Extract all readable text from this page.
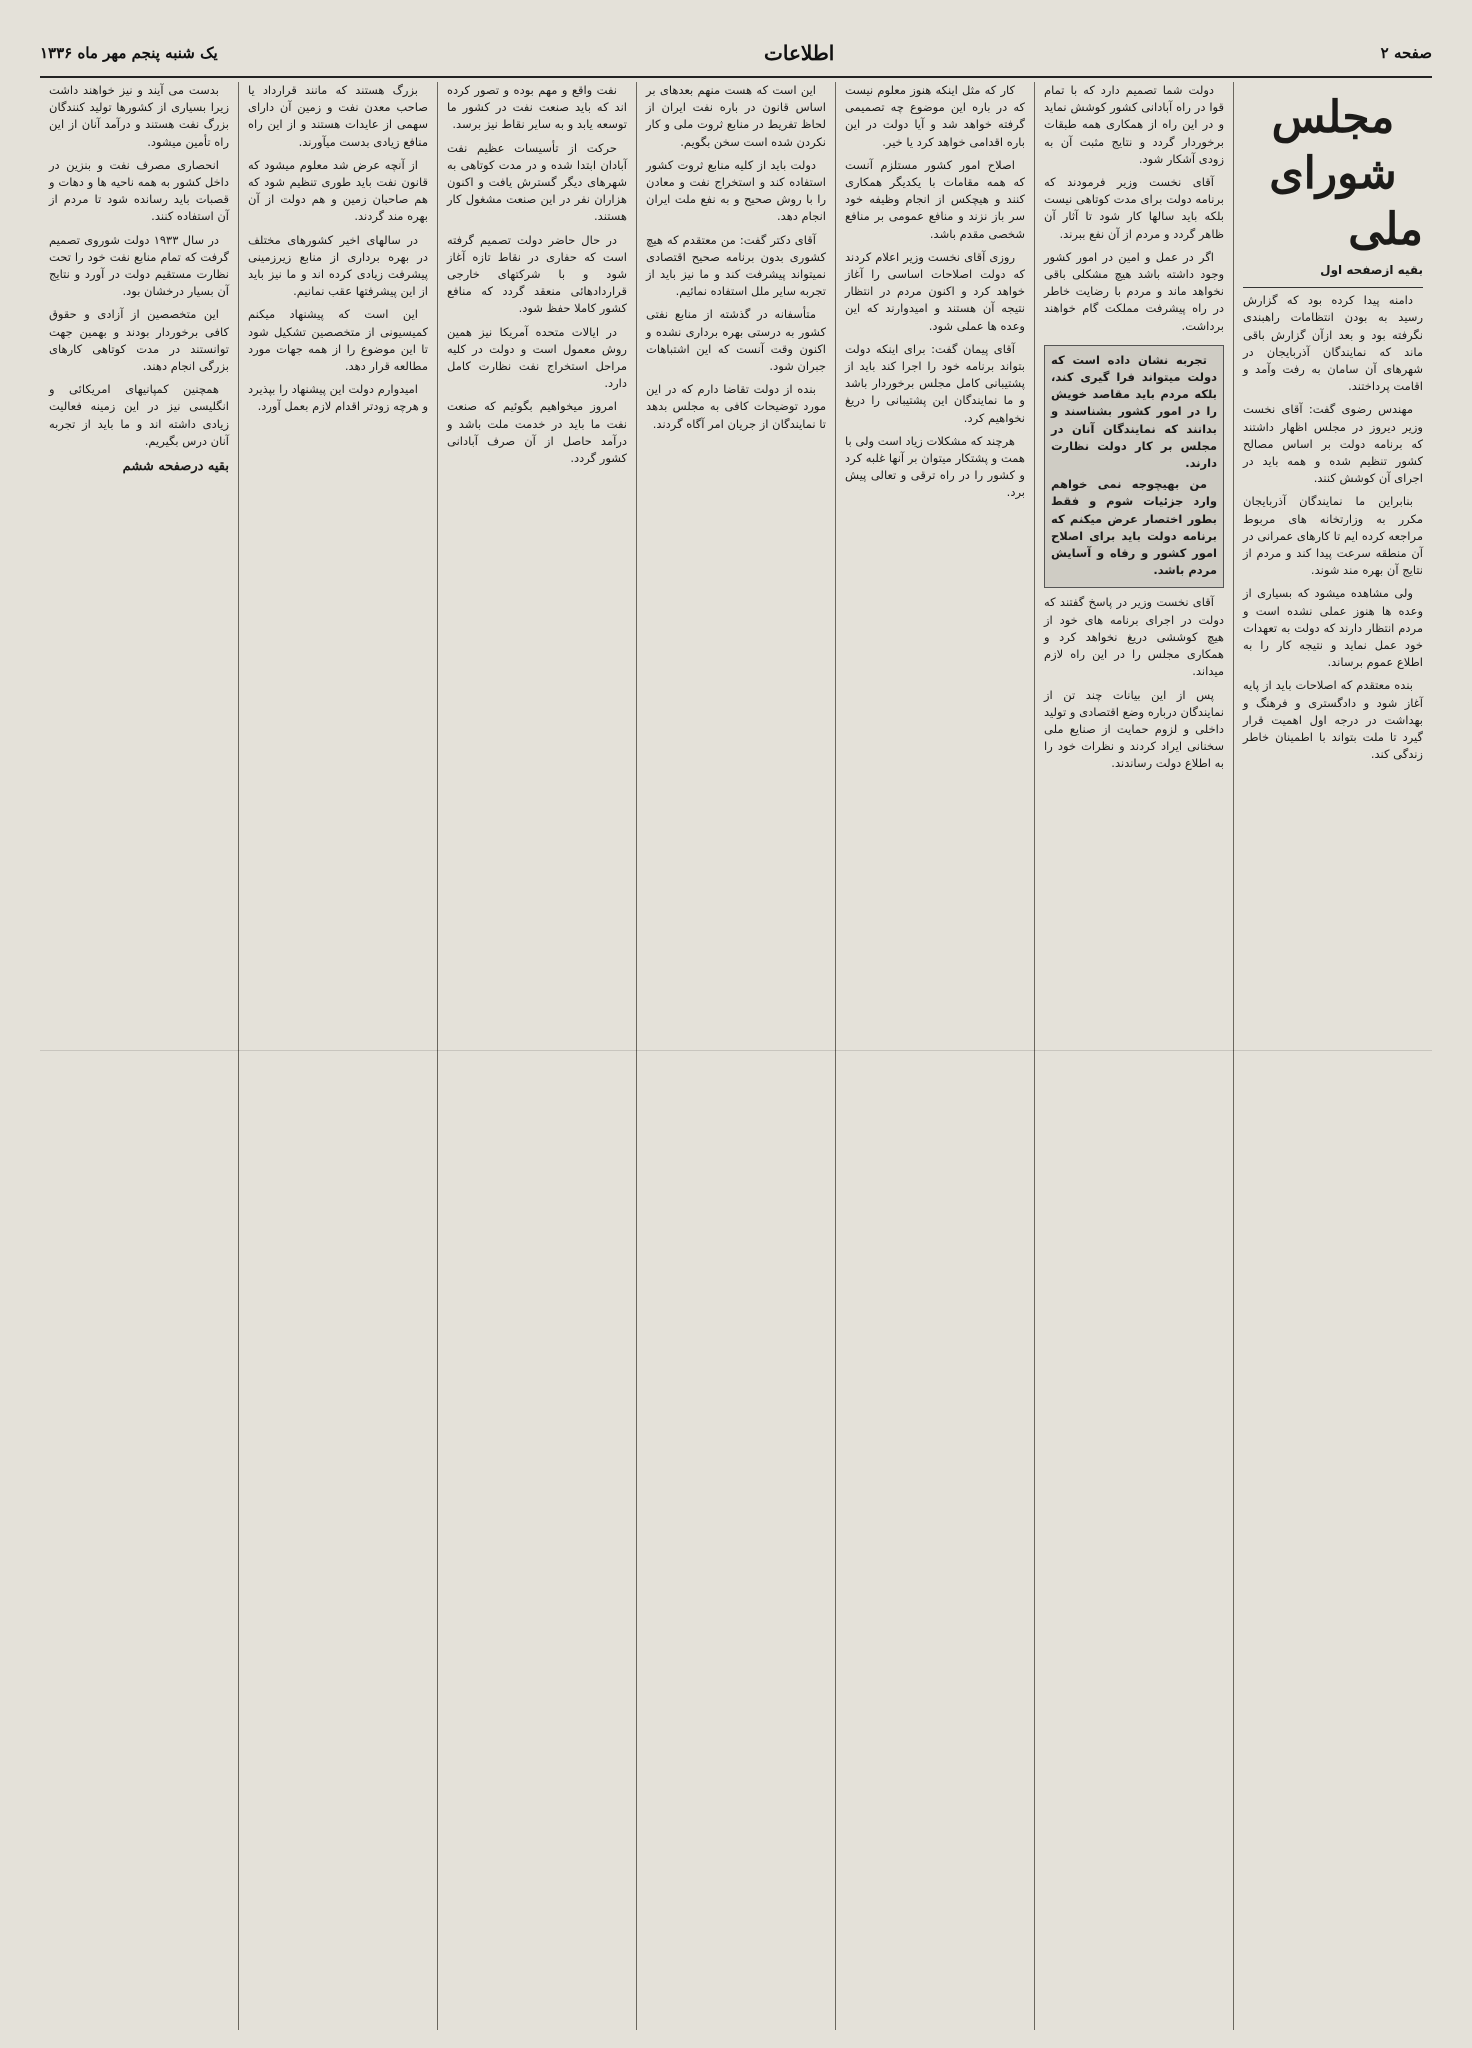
صفحه ۲
اطلاعات
یک شنبه پنجم مهر ماه ۱۳۳۶
مجلس شورای ملی
بقیه ازصفحه اول

دامنه پیدا کرده بود که گزارش رسید به بودن انتظامات راهبندی نگرفته بود و بعد ازآن گزارش باقی ماند که نمایندگان آذربایجان در شهرهای آن سامان به رفت وآمد و اقامت پرداختند.

مهندس رضوی گفت: آقای نخست وزیر دیروز در مجلس اظهار داشتند که برنامه دولت بر اساس مصالح کشور تنظیم شده و همه باید در اجرای آن کوشش کنند.

بنابراین ما نمایندگان آذربایجان مکرر به وزارتخانه های مربوط مراجعه کرده ایم تا کارهای عمرانی در آن منطقه سرعت پیدا کند و مردم از نتایج آن بهره مند شوند.

ولی مشاهده میشود که بسیاری از وعده ها هنوز عملی نشده است و مردم انتظار دارند که دولت به تعهدات خود عمل نماید و نتیجه کار را به اطلاع عموم برساند.

بنده معتقدم که اصلاحات باید از پایه آغاز شود و دادگستری و فرهنگ و بهداشت در درجه اول اهمیت قرار گیرد تا ملت بتواند با اطمینان خاطر زندگی کند.

دولت شما تصمیم دارد که با تمام قوا در راه آبادانی کشور کوشش نماید و در این راه از همکاری همه طبقات برخوردار گردد و نتایج مثبت آن به زودی آشکار شود.

آقای نخست وزیر فرمودند که برنامه دولت برای مدت کوتاهی نیست بلکه باید سالها کار شود تا آثار آن ظاهر گردد و مردم از آن نفع ببرند.

اگر در عمل و امین در امور کشور وجود داشته باشد هیچ مشکلی باقی نخواهد ماند و مردم با رضایت خاطر در راه پیشرفت مملکت گام خواهند برداشت.

تجربه نشان داده است که دولت میتواند فرا گیری کند، بلکه مردم باید مقاصد خویش را در امور کشور بشناسند و بدانند که نمایندگان آنان در مجلس بر کار دولت نظارت دارند.

من بهیچوجه نمی خواهم وارد جزئیات شوم و فقط بطور اختصار عرض میکنم که برنامه دولت باید برای اصلاح امور کشور و رفاه و آسایش مردم باشد.

آقای نخست وزیر در پاسخ گفتند که دولت در اجرای برنامه های خود از هیچ کوششی دریغ نخواهد کرد و همکاری مجلس را در این راه لازم میداند.

پس از این بیانات چند تن از نمایندگان درباره وضع اقتصادی و تولید داخلی و لزوم حمایت از صنایع ملی سخنانی ایراد کردند و نظرات خود را به اطلاع دولت رساندند.

کار که مثل اینکه هنوز معلوم نیست که در باره این موضوع چه تصمیمی گرفته خواهد شد و آیا دولت در این باره اقدامی خواهد کرد یا خیر.

اصلاح امور کشور مستلزم آنست که همه مقامات با یکدیگر همکاری کنند و هیچکس از انجام وظیفه خود سر باز نزند و منافع عمومی بر منافع شخصی مقدم باشد.

روزی آقای نخست وزیر اعلام کردند که دولت اصلاحات اساسی را آغاز خواهد کرد و اکنون مردم در انتظار نتیجه آن هستند و امیدوارند که این وعده ها عملی شود.

آقای پیمان گفت: برای اینکه دولت بتواند برنامه خود را اجرا کند باید از پشتیبانی کامل مجلس برخوردار باشد و ما نمایندگان این پشتیبانی را دریغ نخواهیم کرد.

هرچند که مشکلات زیاد است ولی با همت و پشتکار میتوان بر آنها غلبه کرد و کشور را در راه ترقی و تعالی پیش برد.

این است که هست منهم بعدهای بر اساس قانون در باره نفت ایران از لحاظ تفریط در منابع ثروت ملی و کار نکردن شده است سخن بگویم.

دولت باید از کلیه منابع ثروت کشور استفاده کند و استخراج نفت و معادن را با روش صحیح و به نفع ملت ایران انجام دهد.

آقای دکتر گفت: من معتقدم که هیچ کشوری بدون برنامه صحیح اقتصادی نمیتواند پیشرفت کند و ما نیز باید از تجربه سایر ملل استفاده نمائیم.

متأسفانه در گذشته از منابع نفتی کشور به درستی بهره برداری نشده و اکنون وقت آنست که این اشتباهات جبران شود.

بنده از دولت تقاضا دارم که در این مورد توضیحات کافی به مجلس بدهد تا نمایندگان از جریان امر آگاه گردند.

نفت واقع و مهم بوده و تصور کرده اند که باید صنعت نفت در کشور ما توسعه یابد و به سایر نقاط نیز برسد.

حرکت از تأسیسات عظیم نفت آبادان ابتدا شده و در مدت کوتاهی به شهرهای دیگر گسترش یافت و اکنون هزاران نفر در این صنعت مشغول کار هستند.

در حال حاضر دولت تصمیم گرفته است که حفاری در نقاط تازه آغاز شود و با شرکتهای خارجی قراردادهائی منعقد گردد که منافع کشور کاملا حفظ شود.

در ایالات متحده آمریکا نیز همین روش معمول است و دولت در کلیه مراحل استخراج نفت نظارت کامل دارد.

امروز میخواهیم بگوئیم که صنعت نفت ما باید در خدمت ملت باشد و درآمد حاصل از آن صرف آبادانی کشور گردد.

بزرگ هستند که مانند قرارداد یا صاحب معدن نفت و زمین آن دارای سهمی از عایدات هستند و از این راه منافع زیادی بدست میآورند.

از آنچه عرض شد معلوم میشود که قانون نفت باید طوری تنظیم شود که هم صاحبان زمین و هم دولت از آن بهره مند گردند.

در سالهای اخیر کشورهای مختلف در بهره برداری از منابع زیرزمینی پیشرفت زیادی کرده اند و ما نیز باید از این پیشرفتها عقب نمانیم.

این است که پیشنهاد میکنم کمیسیونی از متخصصین تشکیل شود تا این موضوع را از همه جهات مورد مطالعه قرار دهد.

امیدوارم دولت این پیشنهاد را بپذیرد و هرچه زودتر اقدام لازم بعمل آورد.

بدست می آیند و نیز خواهند داشت زیرا بسیاری از کشورها تولید کنندگان بزرگ نفت هستند و درآمد آنان از این راه تأمین میشود.

انحصاری مصرف نفت و بنزین در داخل کشور به همه ناحیه ها و دهات و قصبات باید رسانده شود تا مردم از آن استفاده کنند.

در سال ۱۹۳۳ دولت شوروی تصمیم گرفت که تمام منابع نفت خود را تحت نظارت مستقیم دولت در آورد و نتایج آن بسیار درخشان بود.

این متخصصین از آزادی و حقوق کافی برخوردار بودند و بهمین جهت توانستند در مدت کوتاهی کارهای بزرگی انجام دهند.

همچنین کمپانیهای امریکائی و انگلیسی نیز در این زمینه فعالیت زیادی داشته اند و ما باید از تجربه آنان درس بگیریم.

بقیه درصفحه ششم
